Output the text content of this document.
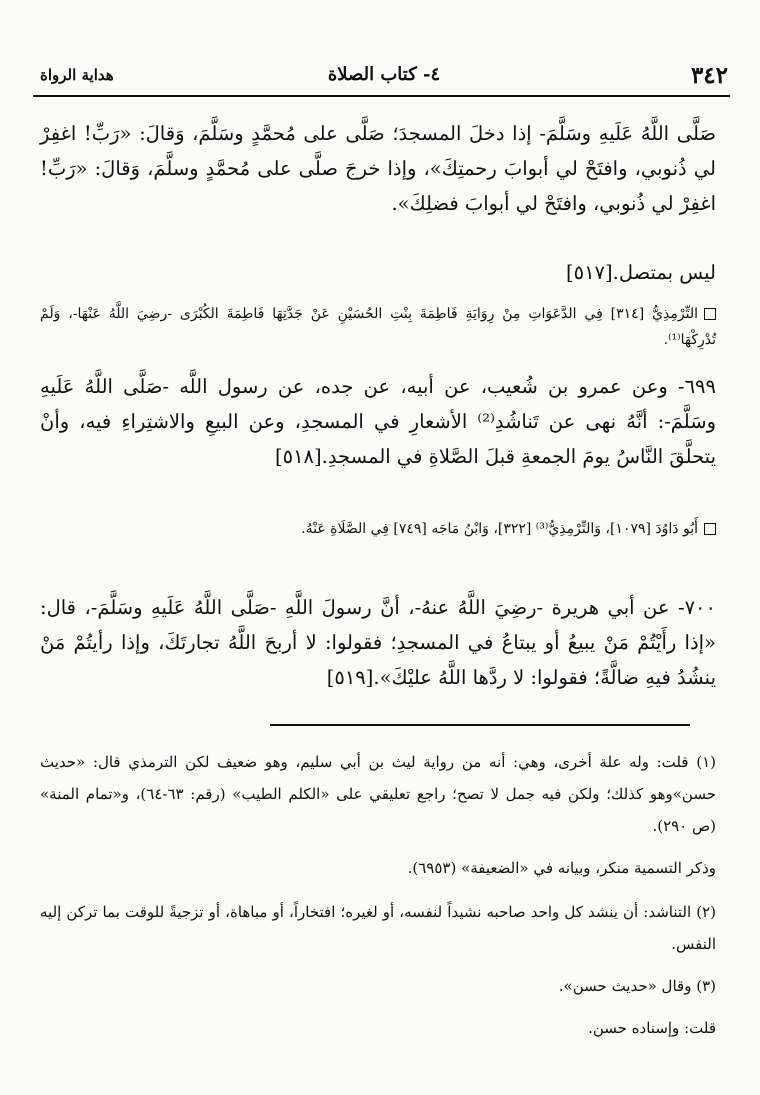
٣٤٢
٤- كتاب الصلاة
هداية الرواة
صَلَّى اللَّهُ عَلَيهِ وسَلَّمَ- إذا دخلَ المسجدَ؛ صَلَّى على مُحمَّدٍ وسَلَّمَ، وَقالَ: «رَبِّ! اغفِرْ لي ذُنوبي، وافتَحْ لي أبوابَ رحمتِكَ»، وإذا خرجَ صلَّى على مُحمَّدٍ وسلَّمَ، وَقالَ: «رَبِّ! اغفِرْ لي ذُنوبي، وافتَحْ لي أبوابَ فضلِكَ».
ليس بمتصل.[٥١٧]
التِّرْمِذِيُّ [٣١٤] فِي الدَّعَوَاتِ مِنْ رِوَايَةِ فَاطِمَةَ بِنْتِ الحُسَيْنِ عَنْ جَدَّتِهَا فَاطِمَةَ الكُبْرَى -رضِيَ اللَّهُ عَنْهَا-، وَلَمْ تُدْرِكْهَا⁽¹⁾.
٦٩٩- وعن عمرو بن شُعيب، عن أبيه، عن جده، عن رسول اللَّه -صَلَّى اللَّهُ عَلَيهِ وسَلَّمَ-: أنَّهُ نهى عن تَناشُدِ⁽²⁾ الأشعارِ في المسجدِ، وعن البيعِ والاشتِراءِ فيه، وأنْ يتحلَّقَ النَّاسُ يومَ الجمعةِ قبلَ الصَّلاةِ في المسجدِ.[٥١٨]
أَبُو دَاوُدَ [١٠٧٩]، وَالتِّرْمِذِيُّ⁽³⁾ [٣٢٢]، وَابْنُ مَاجَه [٧٤٩] فِي الصَّلَاةِ عَنْهُ.
٧٠٠- عن أبي هريرة -رضِيَ اللَّهُ عنهُ-، أنَّ رسولَ اللَّهِ -صَلَّى اللَّهُ عَلَيهِ وسَلَّمَ-، قال: «إذا رأَيْتُمْ مَنْ يبيعُ أو يبتاعُ في المسجدِ؛ فقولوا: لا أربحَ اللَّهُ تجارتَكَ، وإذا رأيتُمْ مَنْ ينشُدُ فيهِ ضالَّةً؛ فقولوا: لا ردَّها اللَّهُ عليْكَ».[٥١٩]
(١) قلت: وله علة أخرى، وهي: أنه من رواية ليث بن أبي سليم، وهو ضعيف لكن الترمذي قال: «حديث حسن»وهو كذلك؛ ولكن فيه جمل لا تصح؛ راجع تعليقي على «الكلم الطيب» (رقم: ٦٣-٦٤)، و«تمام المنة» (ص ٢٩٠).
وذكر التسمية منكر، وبيانه في «الضعيفة» (٦٩٥٣).
(٢) التناشد: أن ينشد كل واحد صاحبه نشيداً لنفسه، أو لغيره؛ افتخاراً، أو مباهاة، أو تزجيةً للوقت بما تركن إليه النفس.
(٣) وقال «حديث حسن».
قلت: وإسناده حسن.
